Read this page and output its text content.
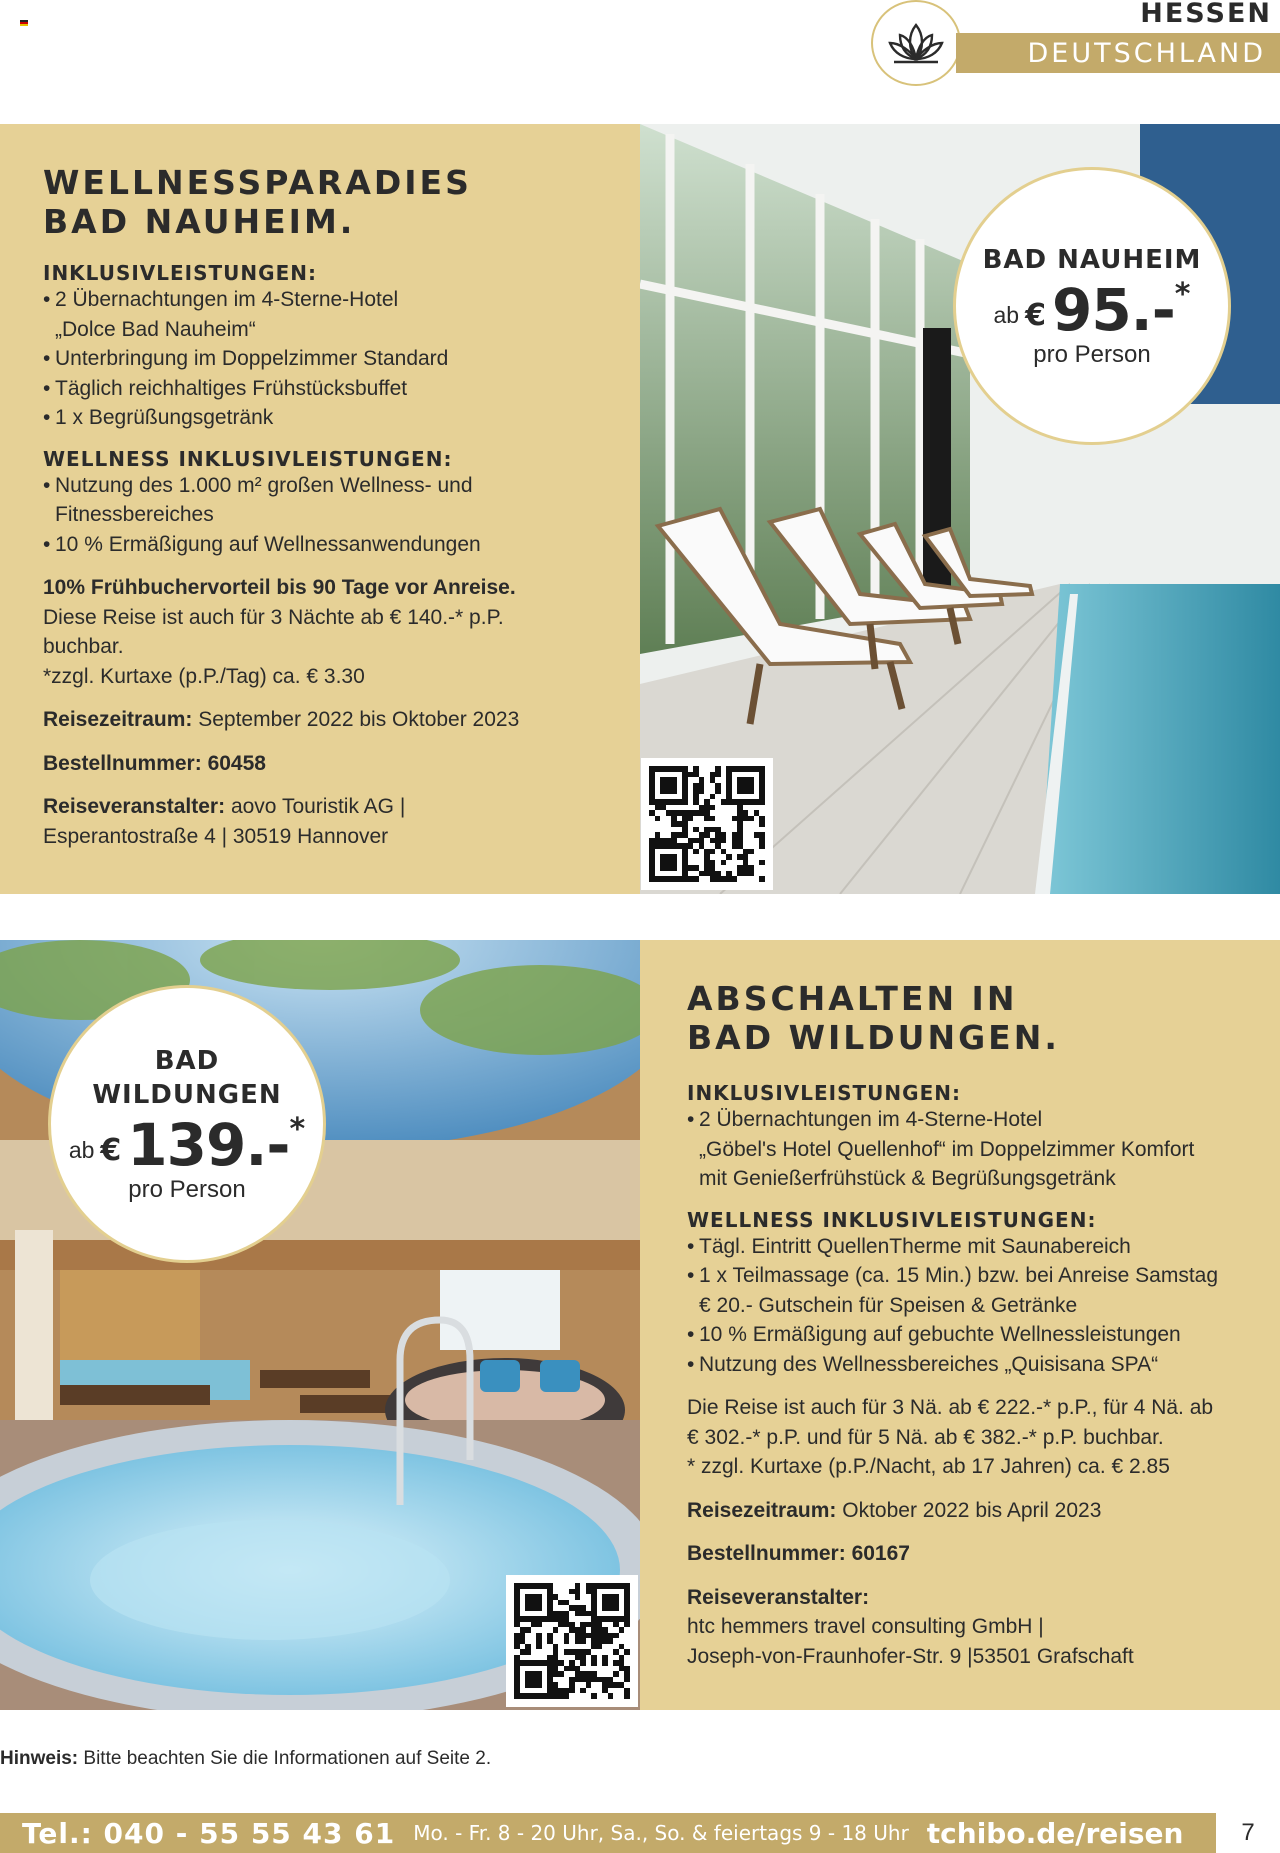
HESSEN
DEUTSCHLAND
WELLNESSPARADIES
BAD NAUHEIM.
INKLUSIVLEISTUNGEN:
• 2 Übernachtungen im 4-Sterne-Hotel
„Dolce Bad Nauheim“
• Unterbringung im Doppelzimmer Standard
• Täglich reichhaltiges Frühstücksbuffet
• 1 x Begrüßungsgetränk
WELLNESS INKLUSIVLEISTUNGEN:
• Nutzung des 1.000 m² großen Wellness- und
Fitnessbereiches
• 10 % Ermäßigung auf Wellnessanwendungen
10% Frühbuchervorteil bis 90 Tage vor Anreise.
Diese Reise ist auch für 3 Nächte ab € 140.-* p.P.
buchbar.
*zzgl. Kurtaxe (p.P./Tag) ca. € 3.30
Reisezeitraum: September 2022 bis Oktober 2023
Bestellnummer: 60458
Reiseveranstalter: aovo Touristik AG |
Esperantostraße 4 | 30519 Hannover
BAD NAUHEIM
ab € 95.- *
pro Person
BAD
WILDUNGEN
ab € 139.- *
pro Person
ABSCHALTEN IN
BAD WILDUNGEN.
INKLUSIVLEISTUNGEN:
• 2 Übernachtungen im 4-Sterne-Hotel
„Göbel's Hotel Quellenhof“ im Doppelzimmer Komfort
mit Genießerfrühstück & Begrüßungsgetränk
WELLNESS INKLUSIVLEISTUNGEN:
• Tägl. Eintritt QuellenTherme mit Saunabereich
• 1 x Teilmassage (ca. 15 Min.) bzw. bei Anreise Samstag
€ 20.- Gutschein für Speisen & Getränke
• 10 % Ermäßigung auf gebuchte Wellnessleistungen
• Nutzung des Wellnessbereiches „Quisisana SPA“
Die Reise ist auch für 3 Nä. ab € 222.-* p.P., für 4 Nä. ab
€ 302.-* p.P. und für 5 Nä. ab € 382.-* p.P. buchbar.
* zzgl. Kurtaxe (p.P./Nacht, ab 17 Jahren) ca. € 2.85
Reisezeitraum: Oktober 2022 bis April 2023
Bestellnummer: 60167
Reiseveranstalter:
htc hemmers travel consulting GmbH |
Joseph-von-Fraunhofer-Str. 9 |53501 Grafschaft
Hinweis: Bitte beachten Sie die Informationen auf Seite 2.
Tel.: 040 - 55 55 43 61 Mo. - Fr. 8 - 20 Uhr, Sa., So. & feiertags 9 - 18 Uhr tchibo.de/reisen	7
